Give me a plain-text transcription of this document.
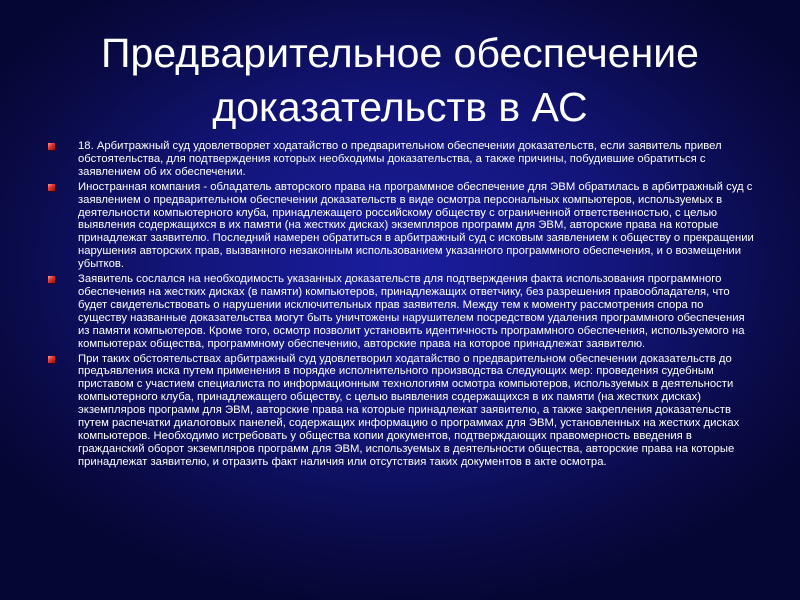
Предварительное обеспечение
доказательств в АС
18. Арбитражный суд удовлетворяет ходатайство о предварительном обеспечении доказательств, если заявитель привел обстоятельства, для подтверждения которых необходимы доказательства, а также причины, побудившие обратиться с заявлением об их обеспечении.
Иностранная компания - обладатель авторского права на программное обеспечение для ЭВМ обратилась в арбитражный суд с заявлением о предварительном обеспечении доказательств в виде осмотра персональных компьютеров, используемых в деятельности компьютерного клуба, принадлежащего российскому обществу с ограниченной ответственностью, с целью выявления содержащихся в их памяти (на жестких дисках) экземпляров программ для ЭВМ, авторские права на которые принадлежат заявителю. Последний намерен обратиться в арбитражный суд с исковым заявлением к обществу о прекращении нарушения авторских прав, вызванного незаконным использованием указанного программного обеспечения, и о возмещении убытков.
Заявитель сослался на необходимость указанных доказательств для подтверждения факта использования программного обеспечения на жестких дисках (в памяти) компьютеров, принадлежащих ответчику, без разрешения правообладателя, что будет свидетельствовать о нарушении исключительных прав заявителя. Между тем к моменту рассмотрения спора по существу названные доказательства могут быть уничтожены нарушителем посредством удаления программного обеспечения из памяти компьютеров. Кроме того, осмотр позволит установить идентичность программного обеспечения, используемого на компьютерах общества, программному обеспечению, авторские права на которое принадлежат заявителю.
При таких обстоятельствах арбитражный суд удовлетворил ходатайство о предварительном обеспечении доказательств до предъявления иска путем применения в порядке исполнительного производства следующих мер: проведения судебным приставом с участием специалиста по информационным технологиям осмотра компьютеров, используемых в деятельности компьютерного клуба, принадлежащего обществу, с целью выявления содержащихся в их памяти (на жестких дисках) экземпляров программ для ЭВМ, авторские права на которые принадлежат заявителю, а также закрепления доказательств путем распечатки диалоговых панелей, содержащих информацию о программах для ЭВМ, установленных на жестких дисках компьютеров. Необходимо истребовать у общества копии документов, подтверждающих правомерность введения в гражданский оборот экземпляров программ для ЭВМ, используемых в деятельности общества, авторские права на которые принадлежат заявителю, и отразить факт наличия или отсутствия таких документов в акте осмотра.
